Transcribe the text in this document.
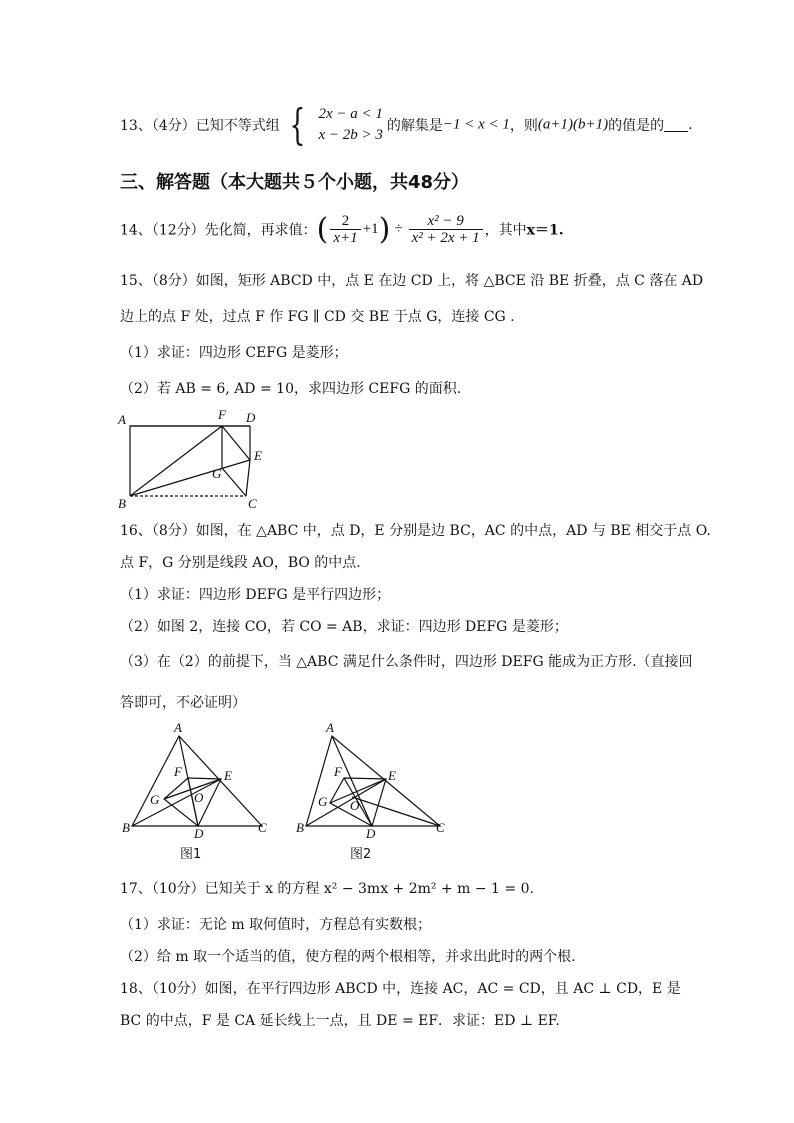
13、（4分）已知不等式组 { 2x − a < 1
x − 2b > 3
的解集是−1 < x < 1，则(a+1)(b+1)的值是的 .
三、解答题（本大题共５个小题，共48分）
14、（12分）先化简，再求值：( $\frac{2}{x+1} +1) \div \frac{\text{x² − 9}}{\text{x² + 2x + 1}}$ ，其中x＝1.
15、（8分）如图，矩形 ABCD 中，点 E 在边 CD 上，将 △BCE 沿 BE 折叠，点 C 落在 AD
边上的点 F 处，过点 F 作 FG ∥ CD 交 BE 于点 G，连接 CG .
（1）求证：四边形 CEFG 是菱形；
（2）若 AB = 6, AD = 10，求四边形 CEFG 的面积.
A	F D
E
G
B	C
16、（8分）如图，在 △ABC 中，点 D，E 分别是边 BC，AC 的中点，AD 与 BE 相交于点 O.
点 F，G 分别是线段 AO，BO 的中点.
（1）求证：四边形 DEFG 是平行四边形；
（2）如图 2，连接 CO，若 CO = AB，求证：四边形 DEFG 是菱形；
（3）在（2）的前提下，当 △ABC 满足什么条件时，四边形 DEFG 能成为正方形.（直接回
答即可，不必证明）
A
F	E
G	O
B	D	C
图1
A
F	E
G O
B	D	C
图2
17、（10分）已知关于 x 的方程 x² − 3mx + 2m² + m − 1 = 0.
（1）求证：无论 m 取何值时，方程总有实数根；
（2）给 m 取一个适当的值，使方程的两个根相等，并求出此时的两个根.
18、（10分）如图，在平行四边形 ABCD 中，连接 AC，AC = CD，且 AC ⊥ CD，E 是
BC 的中点，F 是 CA 延长线上一点，且 DE = EF．求证：ED ⊥ EF.
